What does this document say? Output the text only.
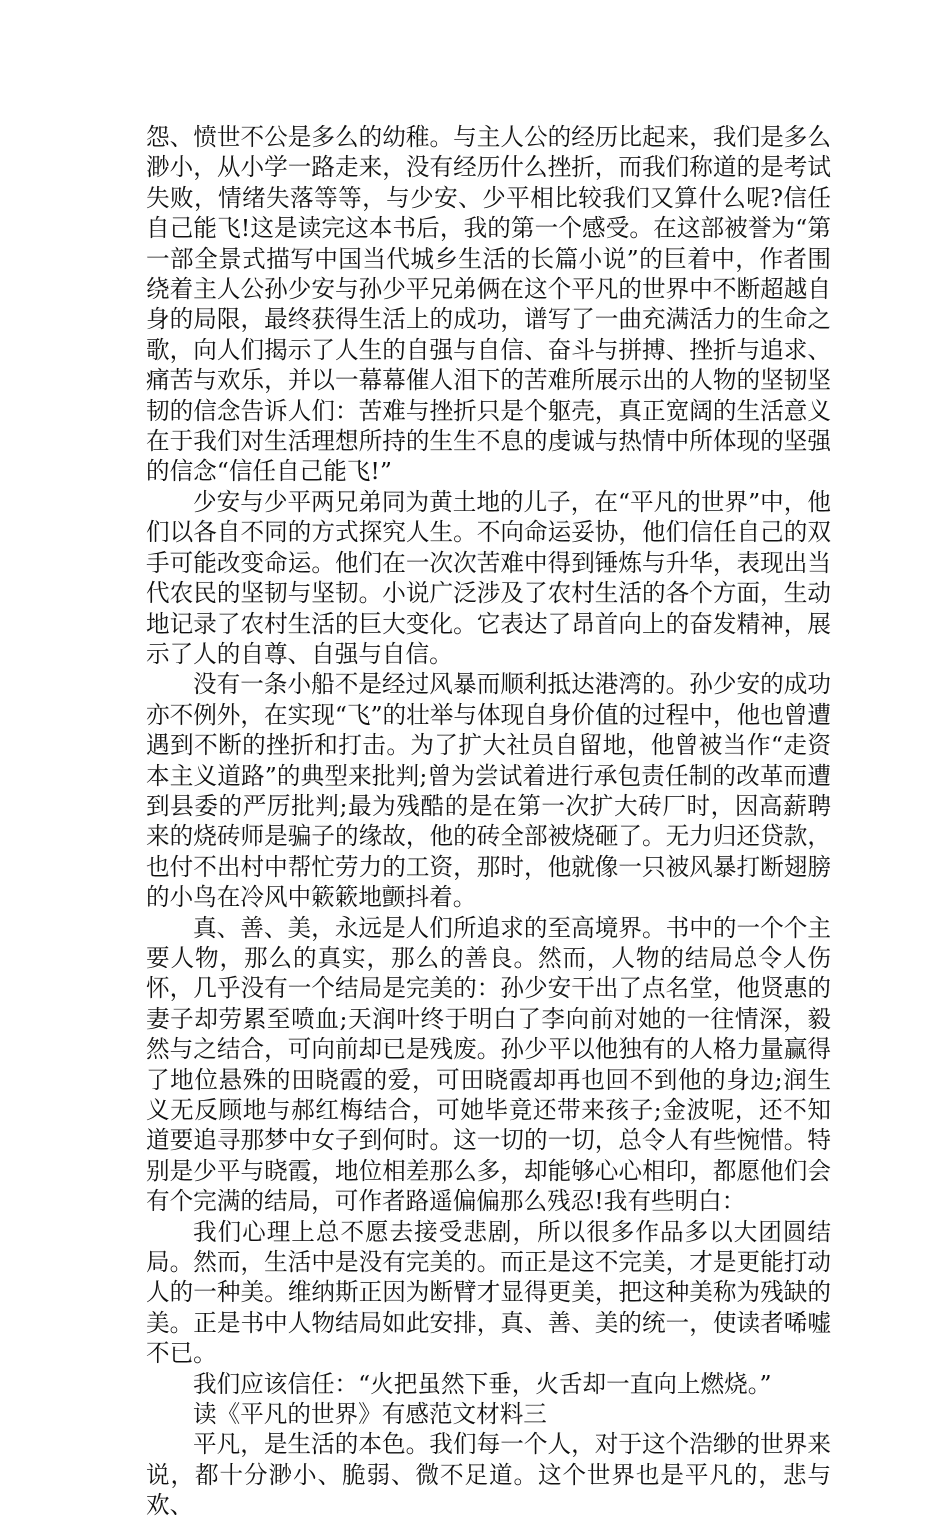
怨、愤世不公是多么的幼稚。与主人公的经历比起来，我们是多么渺小，从小学一路走来，没有经历什么挫折，而我们称道的是考试失败，情绪失落等等，与少安、少平相比较我们又算什么呢?信任自己能飞!这是读完这本书后，我的第一个感受。在这部被誉为“第一部全景式描写中国当代城乡生活的长篇小说”的巨着中，作者围绕着主人公孙少安与孙少平兄弟俩在这个平凡的世界中不断超越自身的局限，最终获得生活上的成功，谱写了一曲充满活力的生命之歌，向人们揭示了人生的自强与自信、奋斗与拼搏、挫折与追求、痛苦与欢乐，并以一幕幕催人泪下的苦难所展示出的人物的坚韧坚韧的信念告诉人们：苦难与挫折只是个躯壳，真正宽阔的生活意义在于我们对生活理想所持的生生不息的虔诚与热情中所体现的坚强的信念“信任自己能飞!”

少安与少平两兄弟同为黄土地的儿子，在“平凡的世界”中，他们以各自不同的方式探究人生。不向命运妥协，他们信任自己的双手可能改变命运。他们在一次次苦难中得到锤炼与升华，表现出当代农民的坚韧与坚韧。小说广泛涉及了农村生活的各个方面，生动地记录了农村生活的巨大变化。它表达了昂首向上的奋发精神，展示了人的自尊、自强与自信。

没有一条小船不是经过风暴而顺利抵达港湾的。孙少安的成功亦不例外，在实现“飞”的壮举与体现自身价值的过程中，他也曾遭遇到不断的挫折和打击。为了扩大社员自留地，他曾被当作“走资本主义道路”的典型来批判;曾为尝试着进行承包责任制的改革而遭到县委的严厉批判;最为残酷的是在第一次扩大砖厂时，因高薪聘来的烧砖师是骗子的缘故，他的砖全部被烧砸了。无力归还贷款，也付不出村中帮忙劳力的工资，那时，他就像一只被风暴打断翅膀的小鸟在冷风中簌簌地颤抖着。

真、善、美，永远是人们所追求的至高境界。书中的一个个主要人物，那么的真实，那么的善良。然而，人物的结局总令人伤怀，几乎没有一个结局是完美的：孙少安干出了点名堂，他贤惠的妻子却劳累至喷血;天润叶终于明白了李向前对她的一往情深，毅然与之结合，可向前却已是残废。孙少平以他独有的人格力量赢得了地位悬殊的田晓霞的爱，可田晓霞却再也回不到他的身边;润生义无反顾地与郝红梅结合，可她毕竟还带来孩子;金波呢，还不知道要追寻那梦中女子到何时。这一切的一切，总令人有些惋惜。特别是少平与晓霞，地位相差那么多，却能够心心相印，都愿他们会有个完满的结局，可作者路遥偏偏那么残忍!我有些明白：

我们心理上总不愿去接受悲剧，所以很多作品多以大团圆结局。然而，生活中是没有完美的。而正是这不完美，才是更能打动人的一种美。维纳斯正因为断臂才显得更美，把这种美称为残缺的美。正是书中人物结局如此安排，真、善、美的统一，使读者唏嘘不已。

我们应该信任：“火把虽然下垂，火舌却一直向上燃烧。”

读《平凡的世界》有感范文材料三

平凡，是生活的本色。我们每一个人，对于这个浩缈的世界来说，都十分渺小、脆弱、微不足道。这个世界也是平凡的，悲与欢、
